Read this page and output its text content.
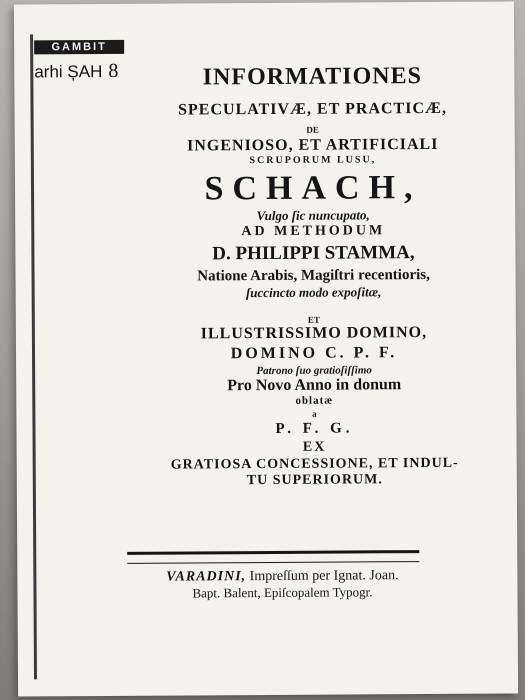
GAMBIT
arhi ȘAH 8	INFORMATIONES
SPECULATIVÆ, ET PRACTICÆ,
DE
INGENIOSO, ET ARTIFICIALI
SCRUPORUM LUSU,
SCHACH,
Vulgo ſic nuncupato,
AD METHODUM
D. PHILIPPI STAMMA,
Natione Arabis, Magiſtri recentioris,
ſuccincto modo expoſitæ,
ET
ILLUSTRISSIMO DOMINO,
DOMINO C. P. F.
Patrono ſuo gratioſiſſimo
Pro Novo Anno in donum
oblatæ
a
P. F. G.
EX
GRATIOSA CONCESSIONE, ET INDUL-
TU SUPERIORUM.
VARADINI, Impreſſum per Ignat. Joan.
Bapt. Balent, Epiſcopalem Typogr.
